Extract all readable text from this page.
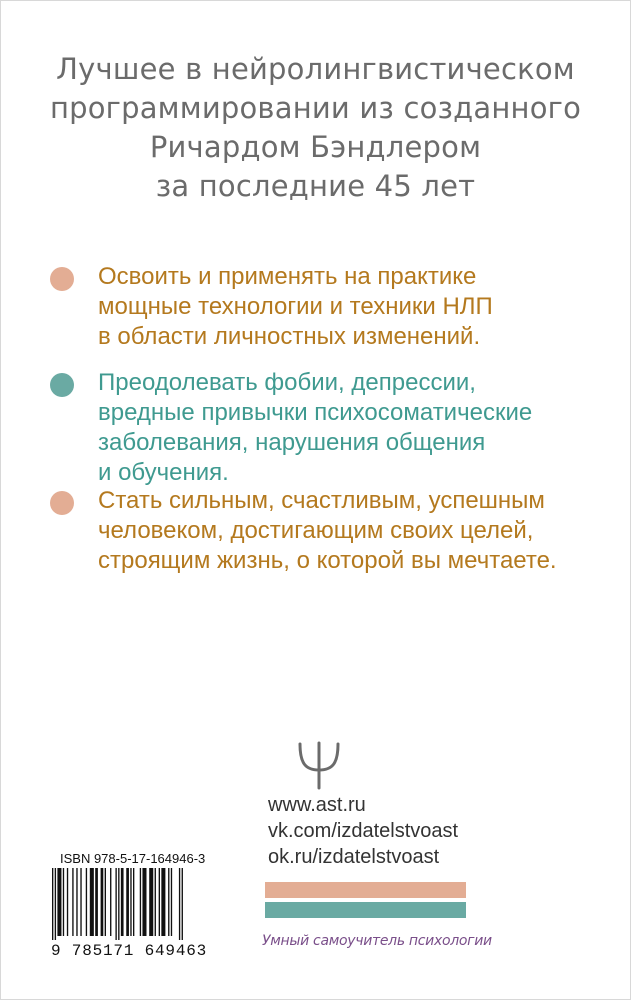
Лучшее в нейролингвистическом
программировании из созданного
Ричардом Бэндлером
за последние 45 лет
Освоить и применять на практике
мощные технологии и техники НЛП
в области личностных изменений.
Преодолевать фобии, депрессии,
вредные привычки психосоматические
заболевания, нарушения общения
и обучения.
Стать сильным, счастливым, успешным
человеком, достигающим своих целей,
строящим жизнь, о которой вы мечтаете.
www.ast.ru
vk.com/izdatelstvoast
ok.ru/izdatelstvoast
Умный самоучитель психологии
ISBN 978-5-17-164946-3
9 785171 649463
